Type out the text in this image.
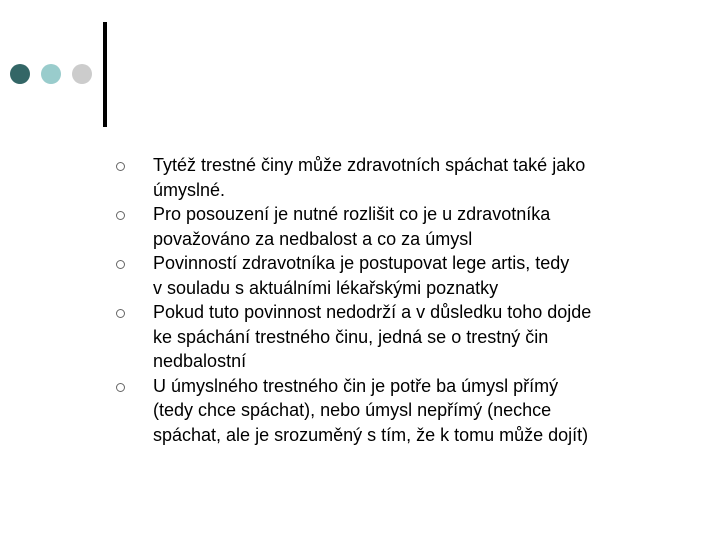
Tytéž trestné činy může zdravotních spáchat také jako
úmyslné.
Pro posouzení je nutné rozlišit co je u zdravotníka
považováno za nedbalost a co za úmysl
Povinností zdravotníka je postupovat lege artis, tedy
v souladu s aktuálními lékařskými poznatky
Pokud tuto povinnost nedodrží a v důsledku toho dojde
ke spáchání trestného činu, jedná se o trestný čin
nedbalostní
U úmyslného trestného čin je potře ba úmysl přímý
(tedy chce spáchat), nebo úmysl nepřímý (nechce
spáchat, ale je srozuměný s tím, že k tomu může dojít)
